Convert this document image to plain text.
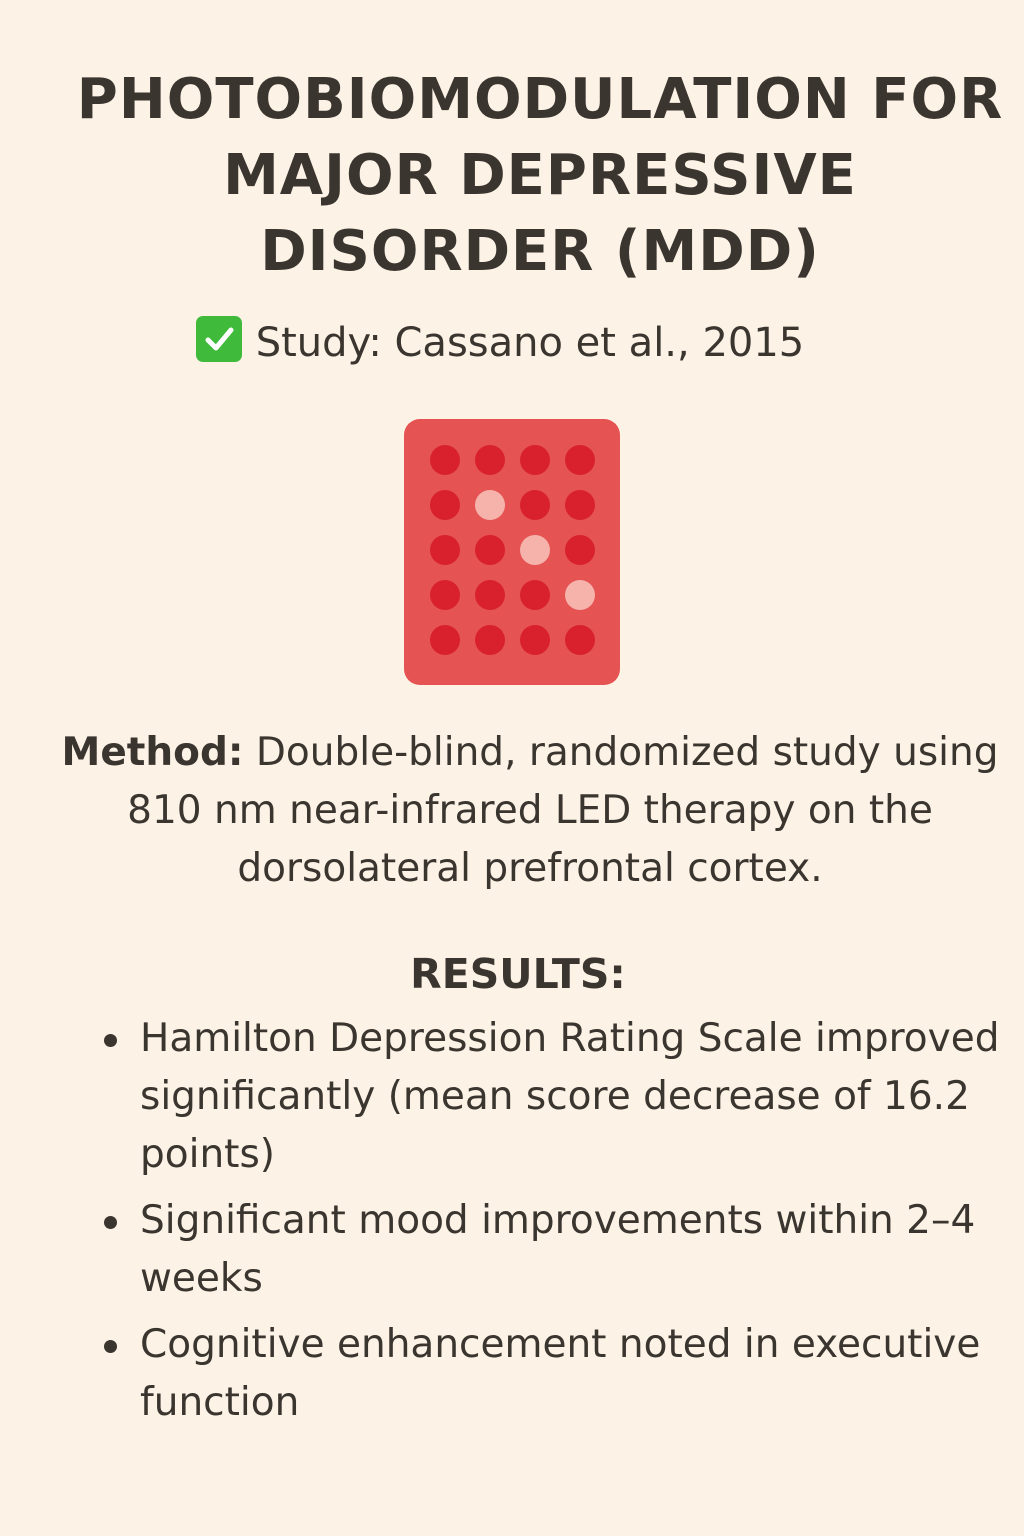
PHOTOBIOMODULATION FOR
MAJOR DEPRESSIVE
DISORDER (MDD)
Study: Cassano et al., 2015
Method: Double-blind, randomized study using 810 nm near-infrared LED therapy on the dorsolateral prefrontal cortex.
RESULTS:
Hamilton Depression Rating Scale improved significantly (mean score decrease of 16.2 points)
Significant mood improvements within 2–4 weeks
Cognitive enhancement noted in executive function
